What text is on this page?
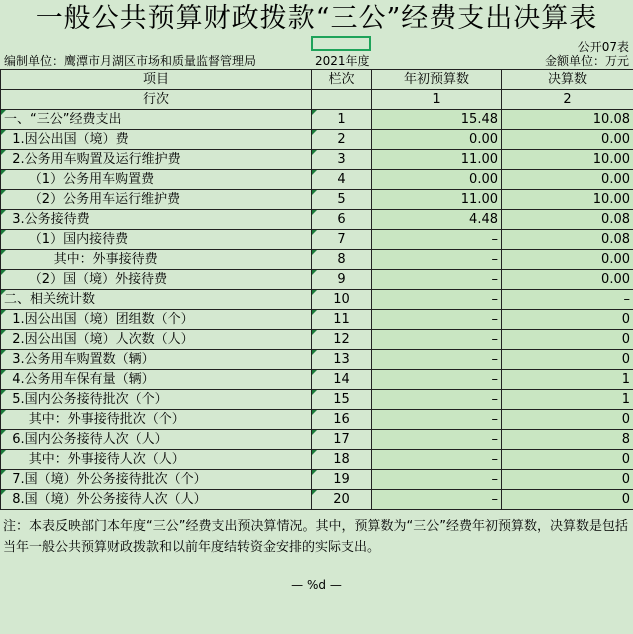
一般公共预算财政拨款“三公”经费支出决算表
公开07表
编制单位：鹰潭市月湖区市场和质量监督管理局	2021年度	金额单位：万元
项目	栏次	年初预算数	决算数
行次		1	2
一、“三公”经费支出	1	15.48	10.08
1.因公出国（境）费	2	0.00	0.00
2.公务用车购置及运行维护费	3	11.00	10.00
（1）公务用车购置费	4	0.00	0.00
（2）公务用车运行维护费	5	11.00	10.00
3.公务接待费	6	4.48	0.08
（1）国内接待费	7	–	0.08
其中：外事接待费	8	–	0.00
（2）国（境）外接待费	9	–	0.00
二、相关统计数	10	–	–
1.因公出国（境）团组数（个）	11	–	0
2.因公出国（境）人次数（人）	12	–	0
3.公务用车购置数（辆）	13	–	0
4.公务用车保有量（辆）	14	–	1
5.国内公务接待批次（个）	15	–	1
其中：外事接待批次（个）	16	–	0
6.国内公务接待人次（人）	17	–	8
其中：外事接待人次（人）	18	–	0
7.国（境）外公务接待批次（个）	19	–	0
8.国（境）外公务接待人次（人）	20	–	0
注：本表反映部门本年度“三公”经费支出预决算情况。其中，预算数为“三公”经费年初预算数，决算数是包括当年一般公共预算财政拨款和以前年度结转资金安排的实际支出。
— %d —
